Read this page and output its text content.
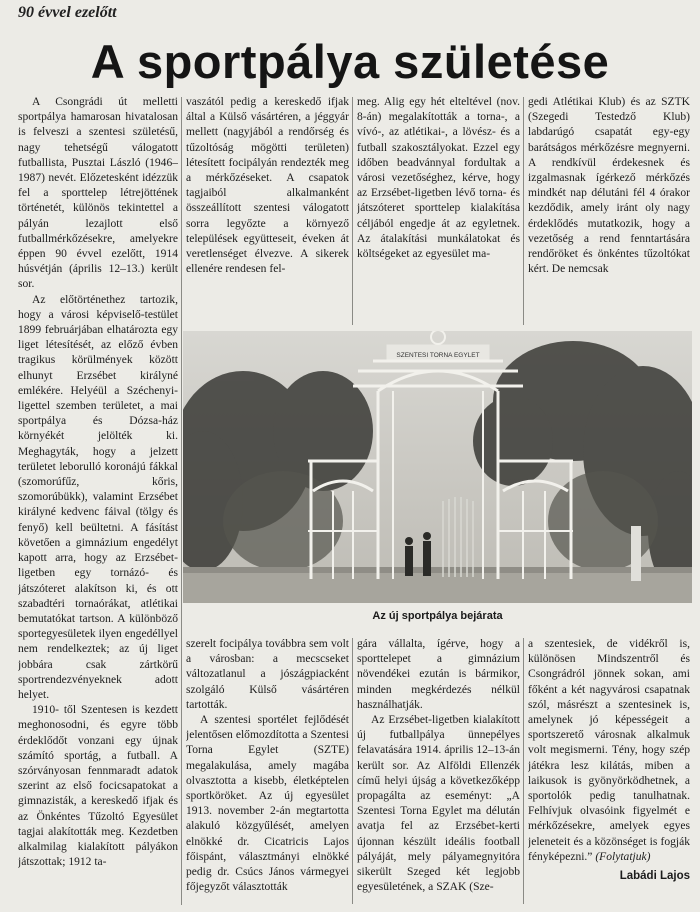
90 évvel ezelőtt
A sportpálya születése

A Csongrádi út melletti sportpálya hamarosan hivatalosan is felveszi a szentesi születésű, nagy tehetségű válogatott futballista, Pusztai László (1946–1987) nevét. Előzetesként idézzük fel a sporttelep létrejöttének történetét, különös tekintettel a pályán lezajlott első futballmérkőzésekre, amelyekre éppen 90 évvel ezelőtt, 1914 húsvétján (április 12–13.) került sor.

Az előtörténethez tartozik, hogy a városi képviselő-testület 1899 februárjában elhatározta egy liget létesítését, az előző évben tragikus körülmények között elhunyt Erzsébet királyné emlékére. Helyéül a Széchenyi-ligettel szemben területet, a mai sportpálya és Dózsa-ház környékét jelölték ki. Meghagyták, hogy a jelzett területet leborulló koronájú fákkal (szomorúfűz, kőris, szomorúbükk), valamint Erzsébet királyné kedvenc fáival (tölgy és fenyő) kell beültetni. A fásítást követően a gimnázium engedélyt kapott arra, hogy az Erzsébet-ligetben egy tornázó- és játszóteret alakítson ki, és ott szabadtéri tornaórákat, atlétikai bemutatókat tartson. A különböző sportegyesületek ilyen engedéllyel nem rendelkeztek; az új liget jobbára csak zártkörű sportrendezvényeknek adott helyet.

1910- től Szentesen is kezdett meghonosodni, és egyre több érdeklődőt vonzani egy újnak számító sportág, a futball. A szórványosan fennmaradt adatok szerint az első focicsapatokat a gimnazisták, a kereskedő ifjak és az Önkéntes Tűzoltó Egyesület tagjai alakították meg. Kezdetben alkalmilag kialakított pályákon játszottak; 1912 ta-

vaszától pedig a kereskedő ifjak által a Külső vásártéren, a jéggyár mellett (nagyjából a rendőrség és tűzoltóság mögötti területen) létesített focipályán rendezték meg a mérkőzéseket. A csapatok tagjaiból alkalmanként összeállított szentesi válogatott sorra legyőzte a környező települések együtteseit, éveken át veretlenséget élvezve. A sikerek ellenére rendesen fel-

meg. Alig egy hét elteltével (nov. 8-án) megalakították a torna-, a vívó-, az atlétikai-, a lövész- és a futball szakosztályokat. Ezzel egy időben beadvánnyal fordultak a városi vezetőséghez, kérve, hogy az Erzsébet-ligetben lévő torna- és játszóteret sporttelep kialakítása céljából engedje át az egyletnek. Az átalakítási munkálatokat és költségeket az egyesület ma-

gedi Atlétikai Klub) és az SZTK (Szegedi Testedző Klub) labdarúgó csapatát egy-egy barátságos mérkőzésre megnyerni. A rendkívül érdekesnek és izgalmasnak ígérkező mérkőzés mindkét nap délutáni fél 4 órakor kezdődik, amely iránt oly nagy érdeklődés mutatkozik, hogy a vezetőség a rend fenntartására rendőröket és önkéntes tűzoltókat kért. De nemcsak

SZENTESI TORNA EGYLET
Az új sportpálya bejárata

szerelt focipálya továbbra sem volt a városban: a mecscseket változatlanul a jószágpiacként szolgáló Külső vásártéren tartották.

A szentesi sportélet fejlődését jelentősen előmozdította a Szentesi Torna Egylet (SZTE) megalakulása, amely magába olvasztotta a kisebb, életképtelen sportköröket. Az új egyesület 1913. november 2-án megtartotta alakuló közgyűlését, amelyen elnökké dr. Cicatricis Lajos főispánt, választmányi elnökké pedig dr. Csúcs János vármegyei főjegyzőt választották

gára vállalta, ígérve, hogy a sporttelepet a gimnázium növendékei ezután is bármikor, minden megkérdezés nélkül használhatják.

Az Erzsébet-ligetben kialakított új futballpálya ünnepélyes felavatására 1914. április 12–13-án került sor. Az Alföldi Ellenzék című helyi újság a következőképp propagálta az eseményt: „A Szentesi Torna Egylet ma délután avatja fel az Erzsébet-kerti újonnan készült ideális football pályáját, mely pályamegnyitóra sikerült Szeged két legjobb egyesületének, a SZAK (Sze-

a szentesiek, de vidékről is, különösen Mindszentről és Csongrádról jönnek sokan, ami főként a két nagyvárosi csapatnak szól, másrészt a szentesinek is, amelynek jó képességeit a sportszerető városnak alkalmuk volt megismerni. Tény, hogy szép játékra lesz kilátás, miben a laikusok is gyönyörködhetnek, a sportolók pedig tanulhatnak. Felhívjuk olvasóink figyelmét e mérkőzésekre, amelyek egyes jeleneteit és a közönséget is fogják fényképezni.” (Folytatjuk)

Labádi Lajos
